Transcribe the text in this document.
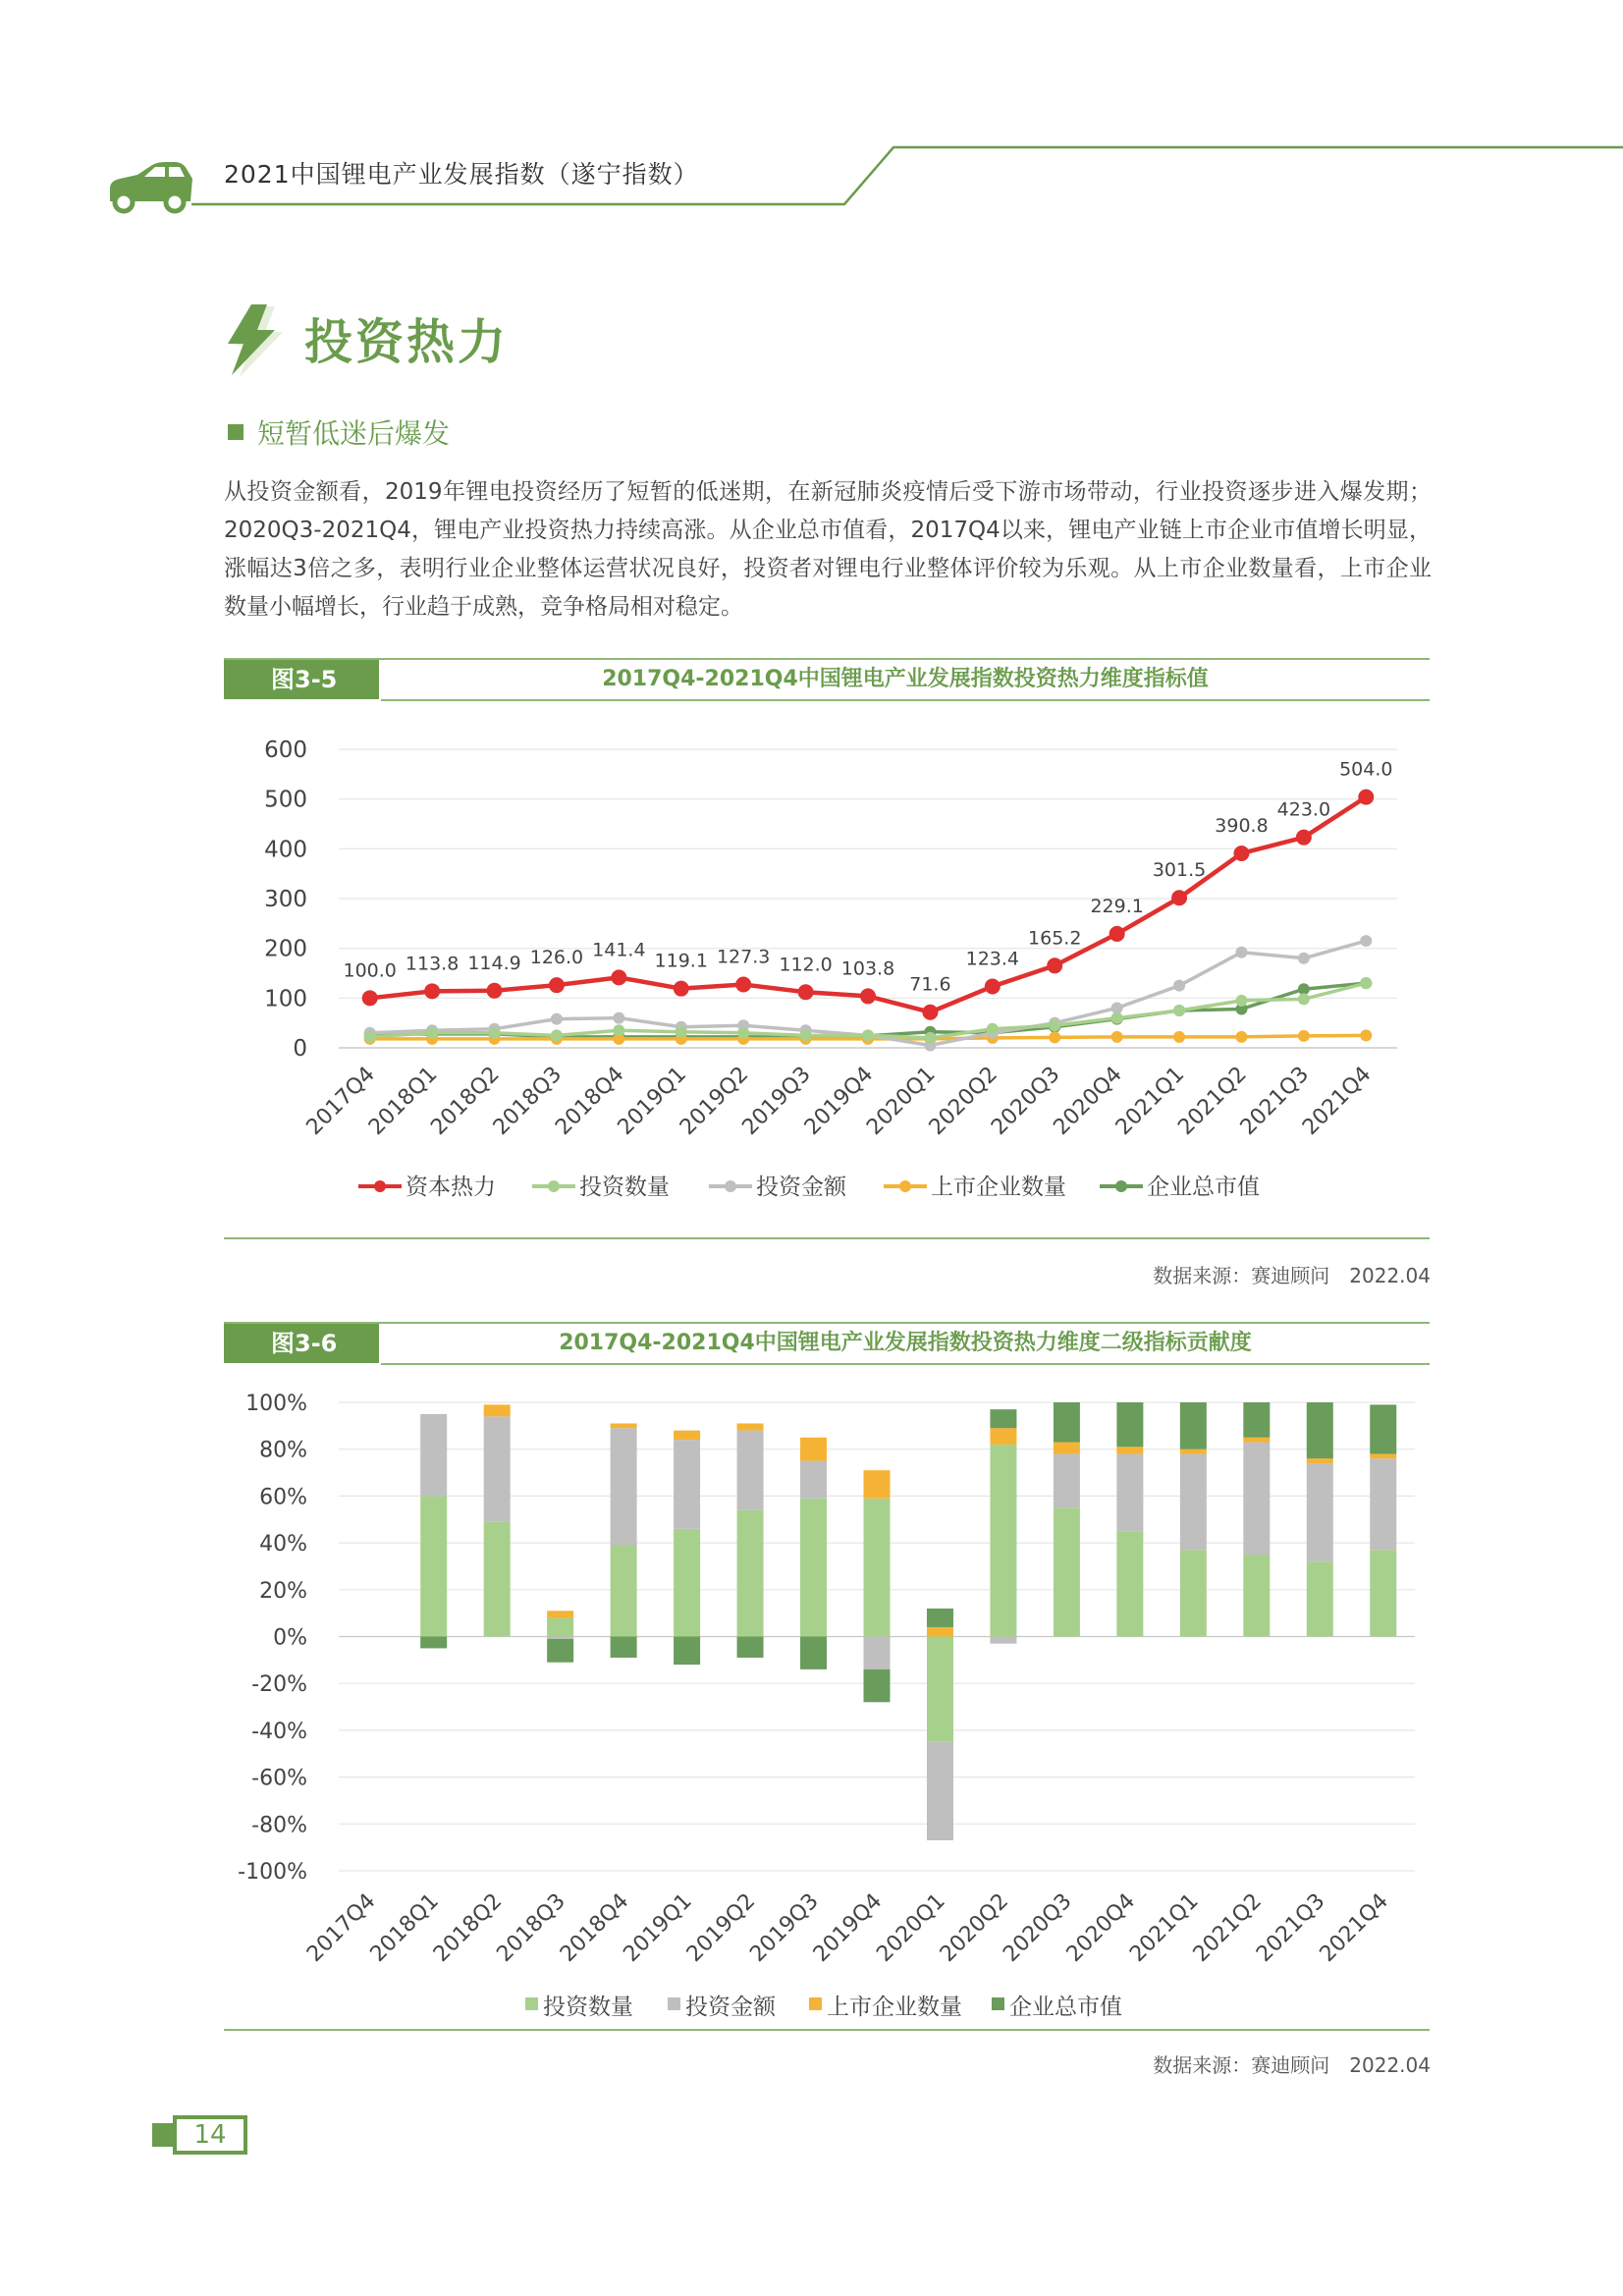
2021中国锂电产业发展指数（遂宁指数）
投资热力
短暂低迷后爆发
从投资金额看，2019年锂电投资经历了短暂的低迷期，在新冠肺炎疫情后受下游市场带动，行业投资逐步进入爆发期；2020Q3-2021Q4，锂电产业投资热力持续高涨。从企业总市值看，2017Q4以来，锂电产业链上市企业市值增长明显，涨幅达3倍之多，表明行业企业整体运营状况良好，投资者对锂电行业整体评价较为乐观。从上市企业数量看，上市企业数量小幅增长，行业趋于成熟，竞争格局相对稳定。
图3-5	2017Q4-2021Q4中国锂电产业发展指数投资热力维度指标值
0
100
200
300
400
500
600
2017Q4
2018Q1
2018Q2
2018Q3
2018Q4
2019Q1
2019Q2
2019Q3
2019Q4
2020Q1
2020Q2
2020Q3
2020Q4
2021Q1
2021Q2
2021Q3
2021Q4
100.0 113.8 114.9 126.0 141.4
119.1 127.3 112.0 103.8
71.6
123.4
165.2
229.1
301.5
390.8
423.0
504.0
资本热力	投资数量	投资金额	上市企业数量	企业总市值
数据来源：赛迪顾问　2022.04
图3-6	2017Q4-2021Q4中国锂电产业发展指数投资热力维度二级指标贡献度
-100%
-80%
-60%
-40%
-20%
0%
20%
40%
60%
80%
100%
2017Q4
2018Q1
2018Q2
2018Q3
2018Q4
2019Q1
2019Q2
2019Q3
2019Q4
2020Q1
2020Q2
2020Q3
2020Q4
2021Q1
2021Q2
2021Q3
2021Q4
投资数量 投资金额 上市企业数量 企业总市值
数据来源：赛迪顾问　2022.04
14
